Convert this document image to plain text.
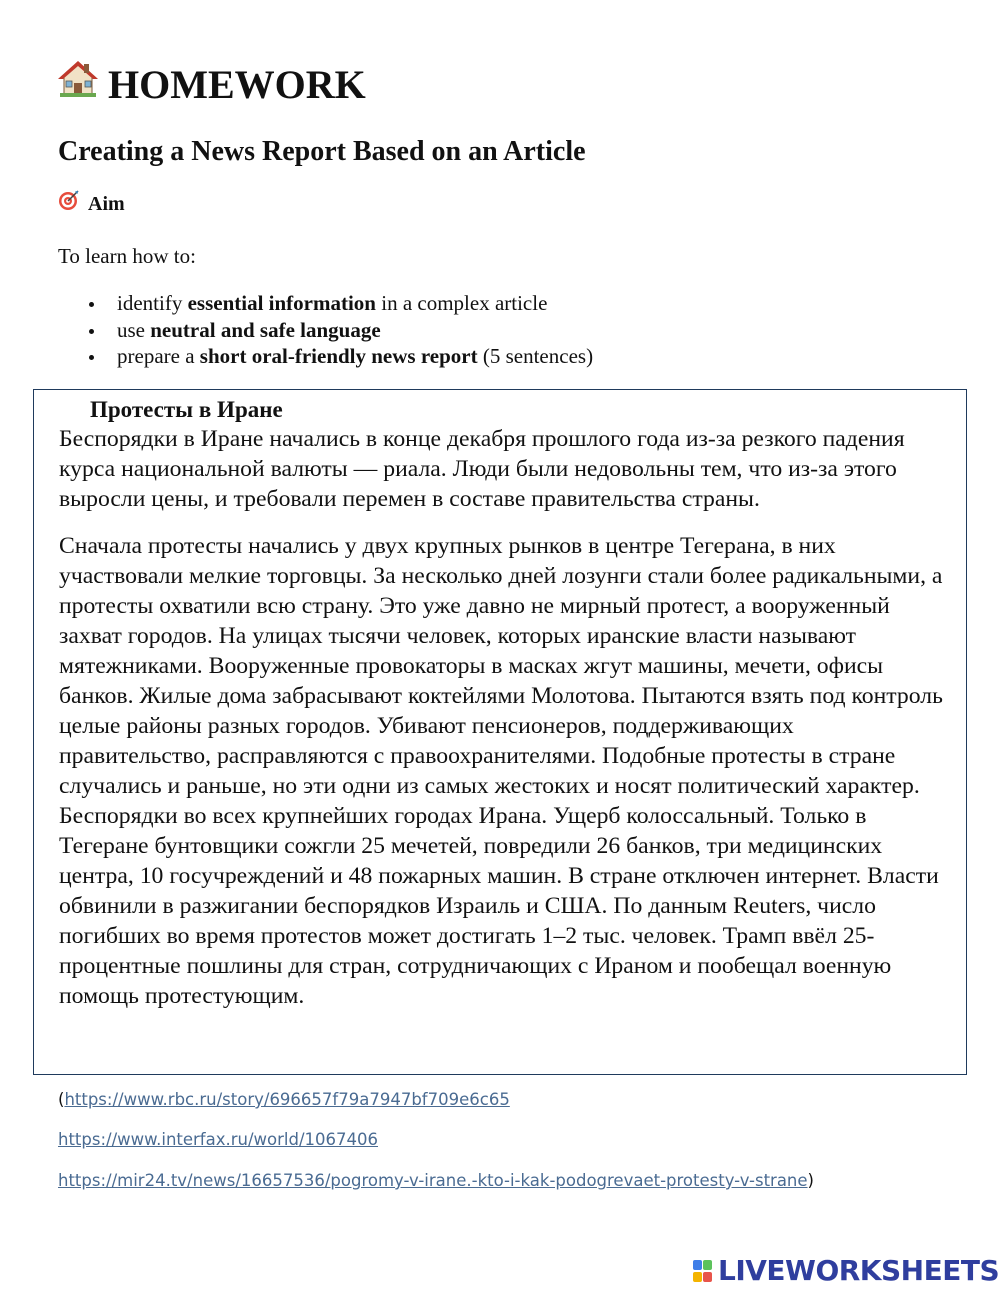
HOMEWORK
Creating a News Report Based on an Article
Aim
To learn how to:
identify essential information in a complex article
use neutral and safe language
prepare a short oral-friendly news report (5 sentences)
Протесты в Иране

Беспорядки в Иране начались в конце декабря прошлого года из-за резкого падения курса национальной валюты — риала. Люди были недовольны тем, что из-за этого выросли цены, и требовали перемен в составе правительства страны.

Сначала протесты начались у двух крупных рынков в центре Тегерана, в них участвовали мелкие торговцы. За несколько дней лозунги стали более радикальными, а протесты охватили всю страну. Это уже давно не мирный протест, а вооруженный захват городов. На улицах тысячи человек, которых иранские власти называют мятежниками. Вооруженные провокаторы в масках жгут машины, мечети, офисы банков. Жилые дома забрасывают коктейлями Молотова. Пытаются взять под контроль целые районы разных городов. Убивают пенсионеров, поддерживающих правительство, расправляются с правоохранителями. Подобные протесты в стране случались и раньше, но эти одни из самых жестоких и носят политический характер. Беспорядки во всех крупнейших городах Ирана. Ущерб колоссальный. Только в Тегеране бунтовщики сожгли 25 мечетей, повредили 26 банков, три медицинских центра, 10 госучреждений и 48 пожарных машин. В стране отключен интернет. Власти обвинили в разжигании беспорядков Израиль и США. По данным Reuters, число погибших во время протестов может достигать 1–2 тыс. человек. Трамп ввёл 25-процентные пошлины для стран, сотрудничающих с Ираном и пообещал военную помощь протестующим.

(https://www.rbc.ru/story/696657f79a7947bf709e6c65
https://www.interfax.ru/world/1067406
https://mir24.tv/news/16657536/pogromy-v-irane.-kto-i-kak-podogrevaet-protesty-v-strane)
LIVEWORKSHEETS
